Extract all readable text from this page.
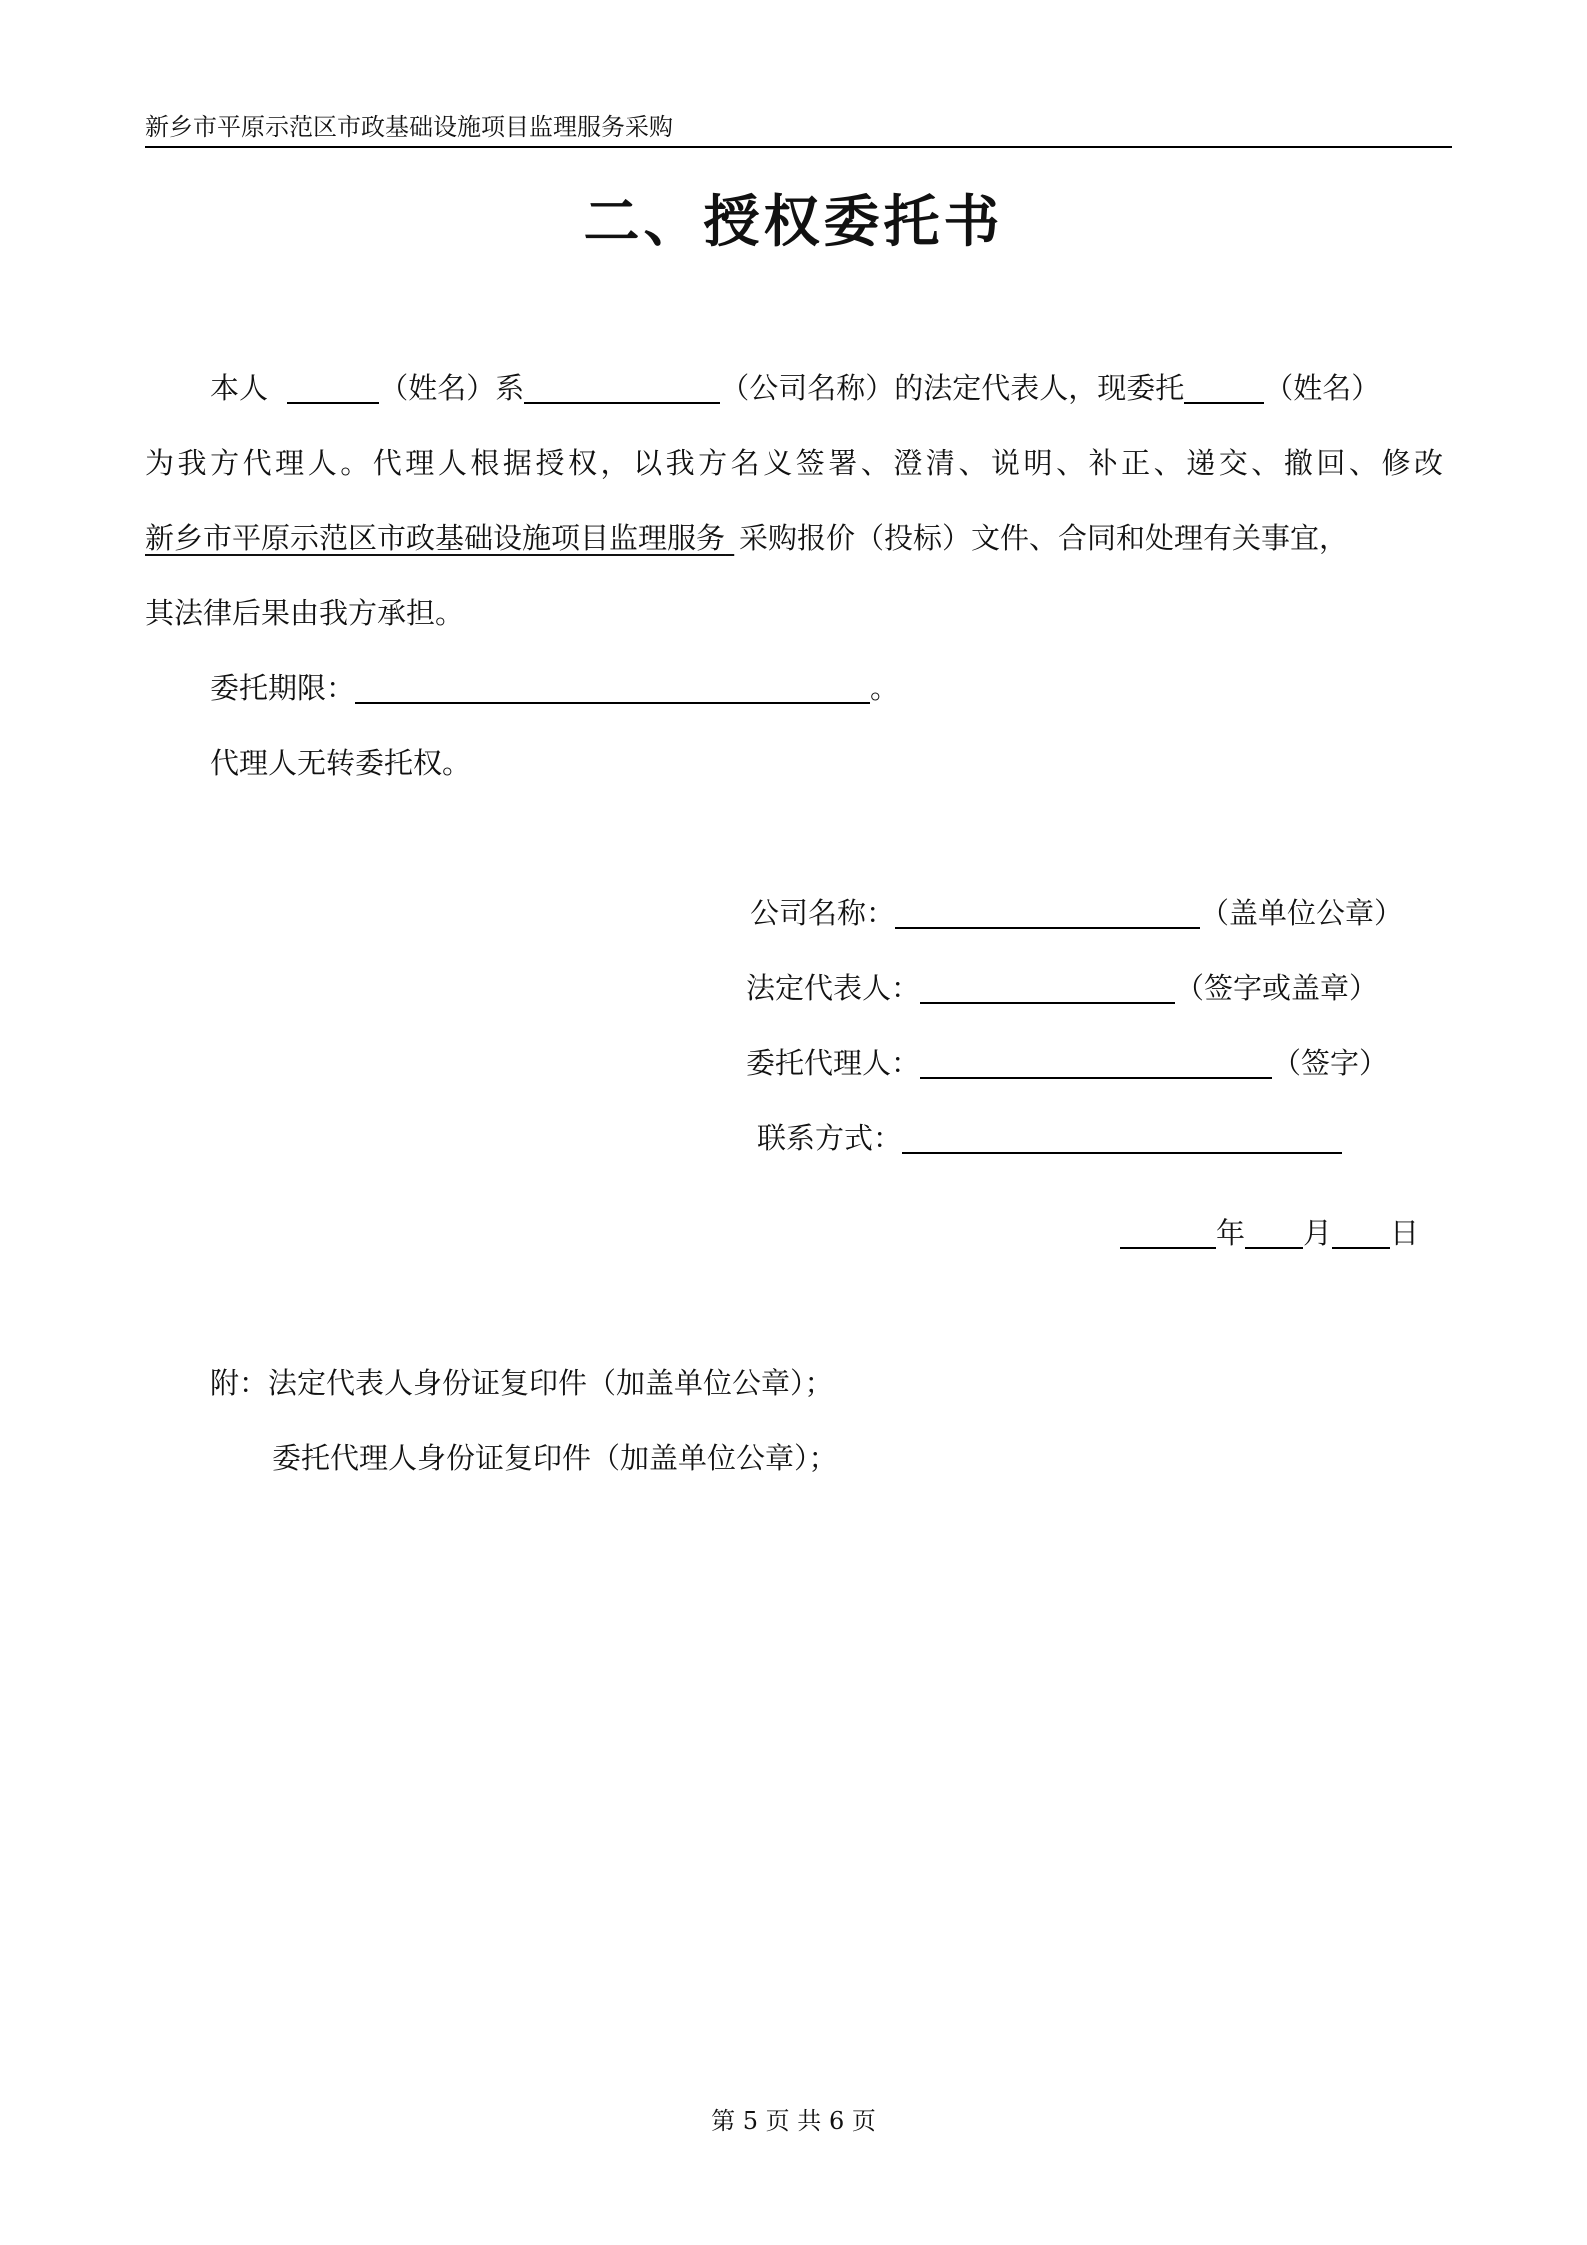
新乡市平原示范区市政基础设施项目监理服务采购
二、授权委托书
本人	（姓名）系	（公司名称）的法定代表人，现委托	（姓名）
为我方代理人。代理人根据授权，以我方名义签署、澄清、说明、补正、递交、撤回、修改
新乡市平原示范区市政基础设施项目监理服务 采购报价（投标）文件、合同和处理有关事宜，
其法律后果由我方承担。
委托期限：	。
代理人无转委托权。
公司名称：	（盖单位公章）
法定代表人：	（签字或盖章）
委托代理人：	（签字）
联系方式：
年 月 日
附：法定代表人身份证复印件（加盖单位公章）；
委托代理人身份证复印件（加盖单位公章）；
第 5 页 共 6 页
